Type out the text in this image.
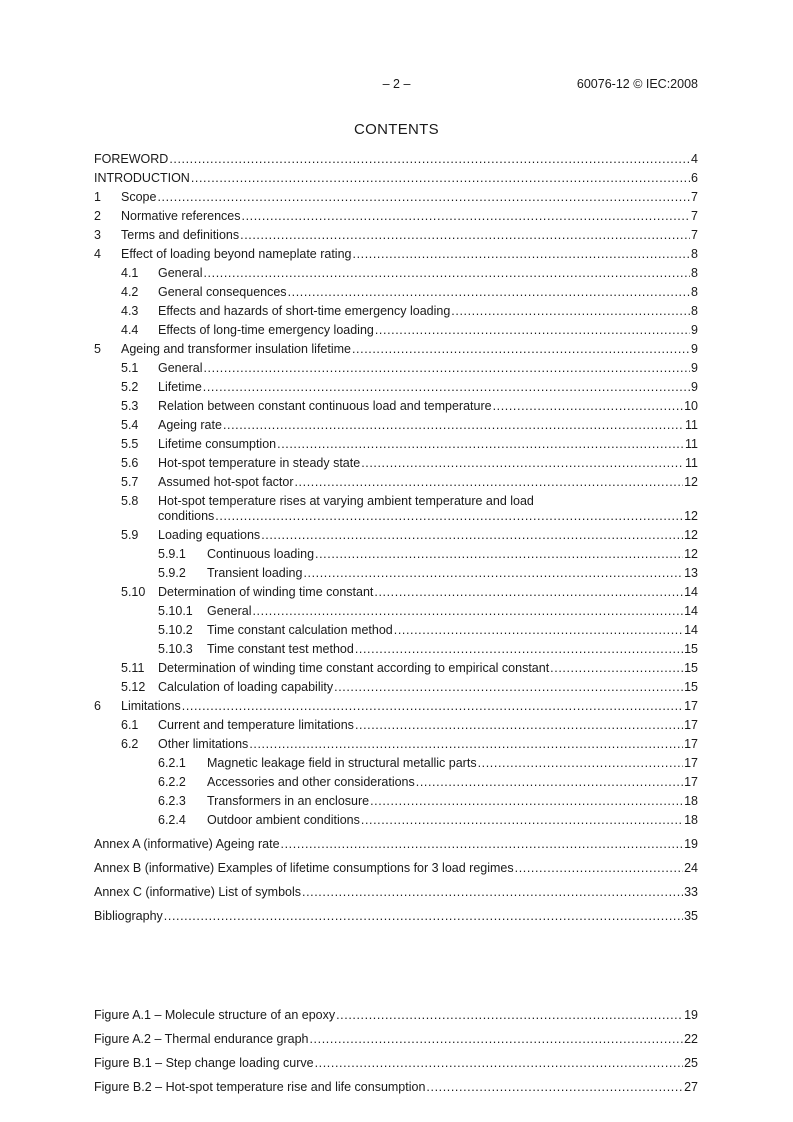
– 2 –	60076-12 © IEC:2008
CONTENTS
FOREWORD .....	4
INTRODUCTION .....	6
1 Scope .....	7
2 Normative references .....	7
3 Terms and definitions .....	7
4 Effect of loading beyond nameplate rating .....	8
4.1 General .....	8
4.2 General consequences .....	8
4.3 Effects and hazards of short-time emergency loading .....	8
4.4 Effects of long-time emergency loading .....	9
5 Ageing and transformer insulation lifetime .....	9
5.1 General .....	9
5.2 Lifetime .....	9
5.3 Relation between constant continuous load and temperature .....	10
5.4 Ageing rate .....	11
5.5 Lifetime consumption .....	11
5.6 Hot-spot temperature in steady state .....	11
5.7 Assumed hot-spot factor .....	12
5.8	Hot-spot temperature rises at varying ambient temperature and load
conditions .....	12
5.9 Loading equations .....	12
5.9.1 Continuous loading .....	12
5.9.2 Transient loading .....	13
5.10 Determination of winding time constant .....	14
5.10.1 General .....	14
5.10.2 Time constant calculation method .....	14
5.10.3 Time constant test method .....	15
5.11 Determination of winding time constant according to empirical constant .....	15
5.12 Calculation of loading capability .....	15
6 Limitations .....	17
6.1 Current and temperature limitations .....	17
6.2 Other limitations .....	17
6.2.1 Magnetic leakage field in structural metallic parts .....	17
6.2.2 Accessories and other considerations .....	17
6.2.3 Transformers in an enclosure .....	18
6.2.4 Outdoor ambient conditions .....	18
Annex A (informative) Ageing rate .....	19
Annex B (informative) Examples of lifetime consumptions for 3 load regimes .....	24
Annex C (informative) List of symbols .....	33
Bibliography .....	35
Figure A.1 – Molecule structure of an epoxy .....	19
Figure A.2 – Thermal endurance graph .....	22
Figure B.1 – Step change loading curve .....	25
Figure B.2 – Hot-spot temperature rise and life consumption .....	27
